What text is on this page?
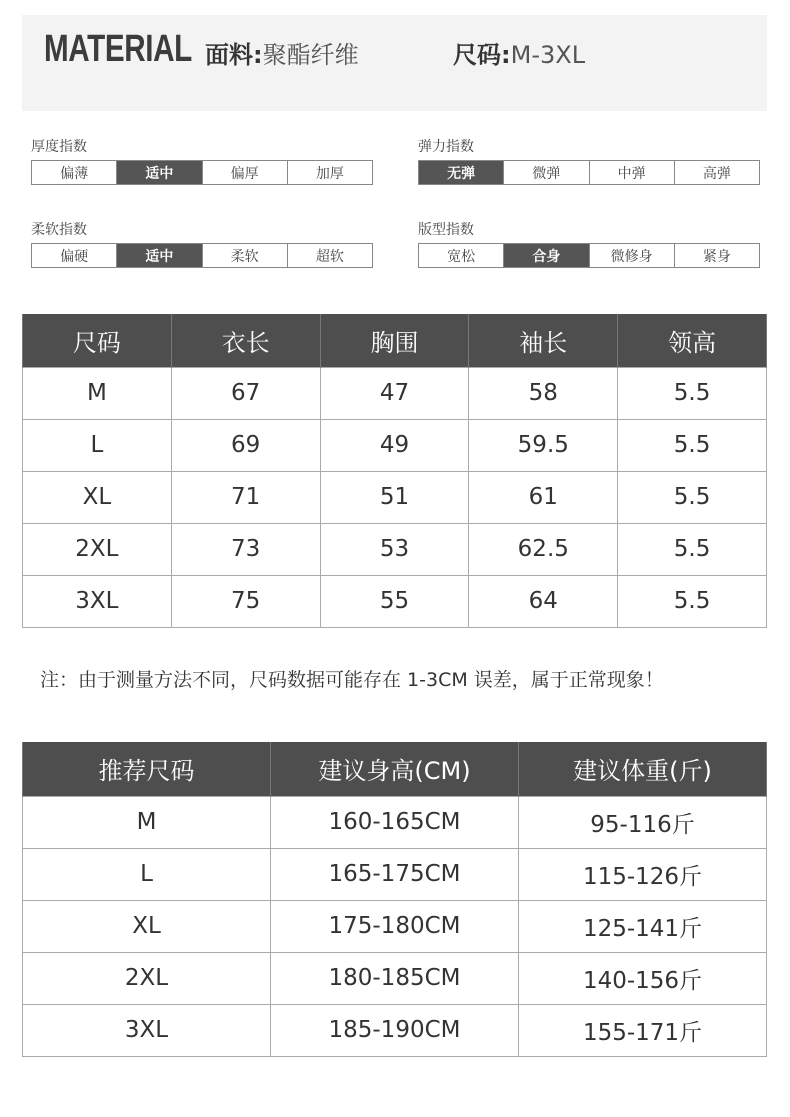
MATERIAL 面料:聚酯纤维	尺码:M-3XL
厚度指数
偏薄	适中	偏厚	加厚
弹力指数
无弹	微弹	中弹	高弹
柔软指数
偏硬	适中	柔软	超软
版型指数
宽松	合身	微修身	紧身
尺码	衣长	胸围	袖长	领高
M	67	47	58	5.5
L	69	49	59.5	5.5
XL	71	51	61	5.5
2XL	73	53	62.5	5.5
3XL	75	55	64	5.5
注：由于测量方法不同，尺码数据可能存在 1-3CM 误差，属于正常现象！
推荐尺码	建议身高(CM)	建议体重(斤)
M	160-165CM	95-116斤
L	165-175CM	115-126斤
XL	175-180CM	125-141斤
2XL	180-185CM	140-156斤
3XL	185-190CM	155-171斤
